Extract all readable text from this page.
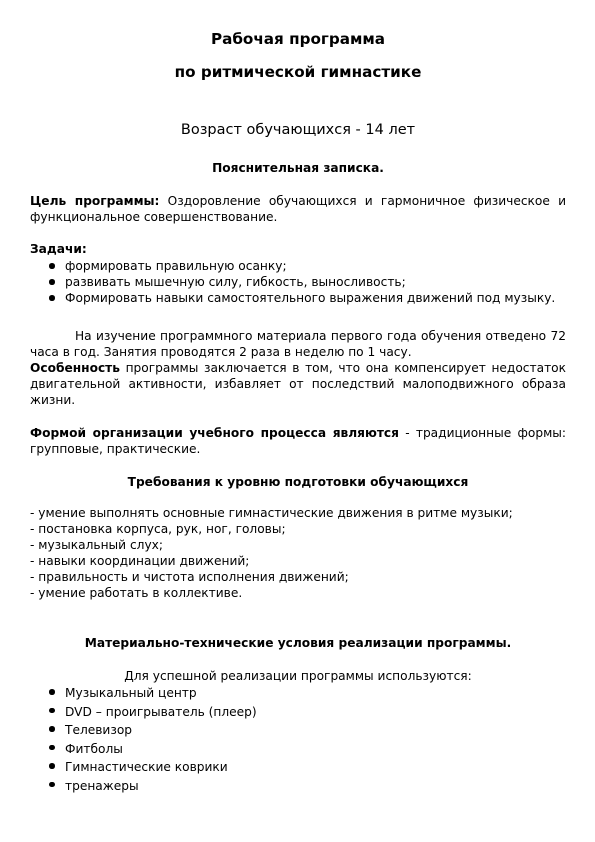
Рабочая программа
по ритмической гимнастике
Возраст обучающихся - 14 лет
Пояснительная записка.

Цель программы: Оздоровление обучающихся и гармоничное физическое и функциональное совершенствование.

Задачи:
формировать правильную осанку;
развивать мышечную силу, гибкость, выносливость;
Формировать навыки самостоятельного выражения движений под музыку.

На изучение программного материала первого года обучения отведено 72 часа в год. Занятия проводятся 2 раза в неделю по 1 часу.

Особенность программы заключается в том, что она компенсирует недостаток двигательной активности, избавляет от последствий малоподвижного образа жизни.

Формой организации учебного процесса являются - традиционные формы: групповые, практические.

Требования к уровню подготовки обучающихся

- умение выполнять основные гимнастические движения в ритме музыки;

- постановка корпуса, рук, ног, головы;

- музыкальный слух;

- навыки координации движений;

- правильность и чистота исполнения движений;

- умение работать в коллективе.

Материально-технические условия реализации программы.
Для успешной реализации программы используются:
Музыкальный центр
DVD – проигрыватель (плеер)
Телевизор
Фитболы
Гимнастические коврики
тренажеры
